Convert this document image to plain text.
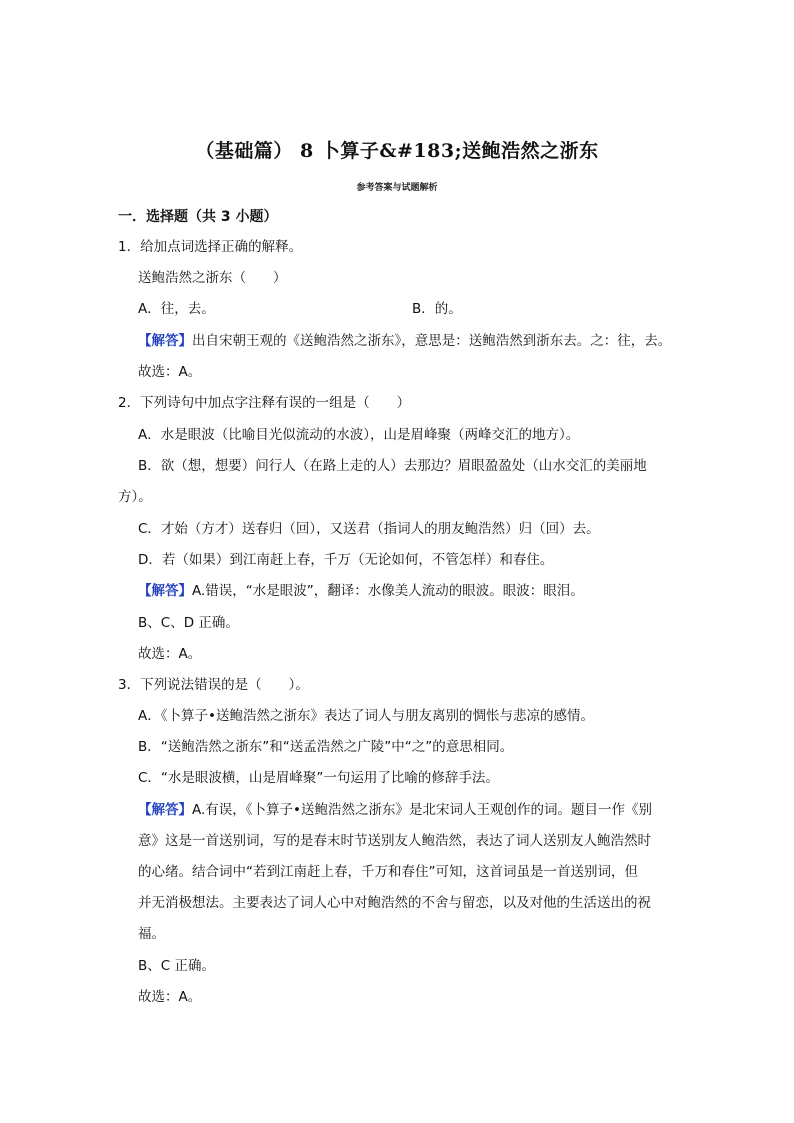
（基础篇） 8 卜算子&#183;送鲍浩然之浙东
参考答案与试题解析
一．选择题（共 3 小题）
1．给加点词选择正确的解释。
送鲍浩然之浙东（　　）
A．往，去。	B．的。
【解答】出自宋朝王观的《送鲍浩然之浙东》，意思是：送鲍浩然到浙东去。之：往，去。
故选：A。
2．下列诗句中加点字注释有误的一组是（　　）
A．水是眼波（比喻目光似流动的水波），山是眉峰聚（两峰交汇的地方）。
B．欲（想，想要）问行人（在路上走的人）去那边？眉眼盈盈处（山水交汇的美丽地
方）。
C．才始（方才）送春归（回），又送君（指词人的朋友鲍浩然）归（回）去。
D．若（如果）到江南赶上春，千万（无论如何，不管怎样）和春住。
【解答】A.错误，“水是眼波”，翻译：水像美人流动的眼波。眼波：眼泪。
B、C、D 正确。
故选：A。
3．下列说法错误的是（　　）。
A．《卜算子•送鲍浩然之浙东》表达了词人与朋友离别的惆怅与悲凉的感情。
B．“送鲍浩然之浙东”和“送孟浩然之广陵”中“之”的意思相同。
C．“水是眼波横，山是眉峰聚”一句运用了比喻的修辞手法。
【解答】A.有误，《卜算子•送鲍浩然之浙东》是北宋词人王观创作的词。题目一作《别
意》这是一首送别词，写的是春末时节送别友人鲍浩然，表达了词人送别友人鲍浩然时
的心绪。结合词中“若到江南赶上春，千万和春住”可知，这首词虽是一首送别词，但
并无消极想法。主要表达了词人心中对鲍浩然的不舍与留恋，以及对他的生活送出的祝
福。
B、C 正确。
故选：A。
